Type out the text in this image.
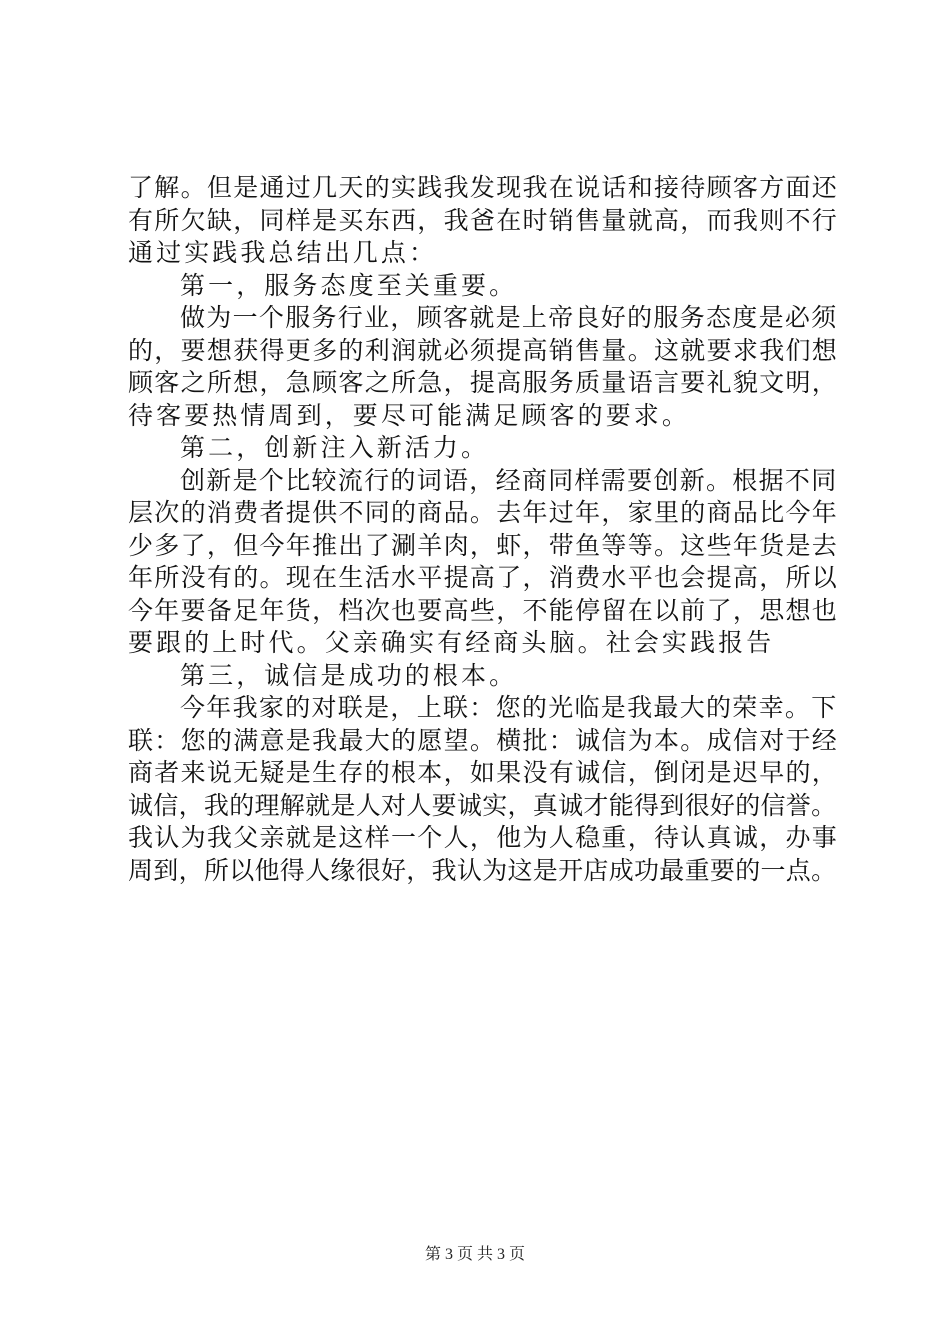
了解。但是通过几天的实践我发现我在说话和接待顾客方面还
有所欠缺，同样是买东西，我爸在时销售量就高，而我则不行
通过实践我总结出几点：
第一，服务态度至关重要。
做为一个服务行业，顾客就是上帝良好的服务态度是必须
的，要想获得更多的利润就必须提高销售量。这就要求我们想
顾客之所想，急顾客之所急，提高服务质量语言要礼貌文明，
待客要热情周到，要尽可能满足顾客的要求。
第二，创新注入新活力。
创新是个比较流行的词语，经商同样需要创新。根据不同
层次的消费者提供不同的商品。去年过年，家里的商品比今年
少多了，但今年推出了涮羊肉，虾，带鱼等等。这些年货是去
年所没有的。现在生活水平提高了，消费水平也会提高，所以
今年要备足年货，档次也要高些，不能停留在以前了，思想也
要跟的上时代。父亲确实有经商头脑。社会实践报告
第三，诚信是成功的根本。
今年我家的对联是，上联：您的光临是我最大的荣幸。下
联：您的满意是我最大的愿望。横批：诚信为本。成信对于经
商者来说无疑是生存的根本，如果没有诚信，倒闭是迟早的，
诚信，我的理解就是人对人要诚实，真诚才能得到很好的信誉。
我认为我父亲就是这样一个人，他为人稳重，待认真诚，办事
周到，所以他得人缘很好，我认为这是开店成功最重要的一点。
第 3 页 共 3 页
